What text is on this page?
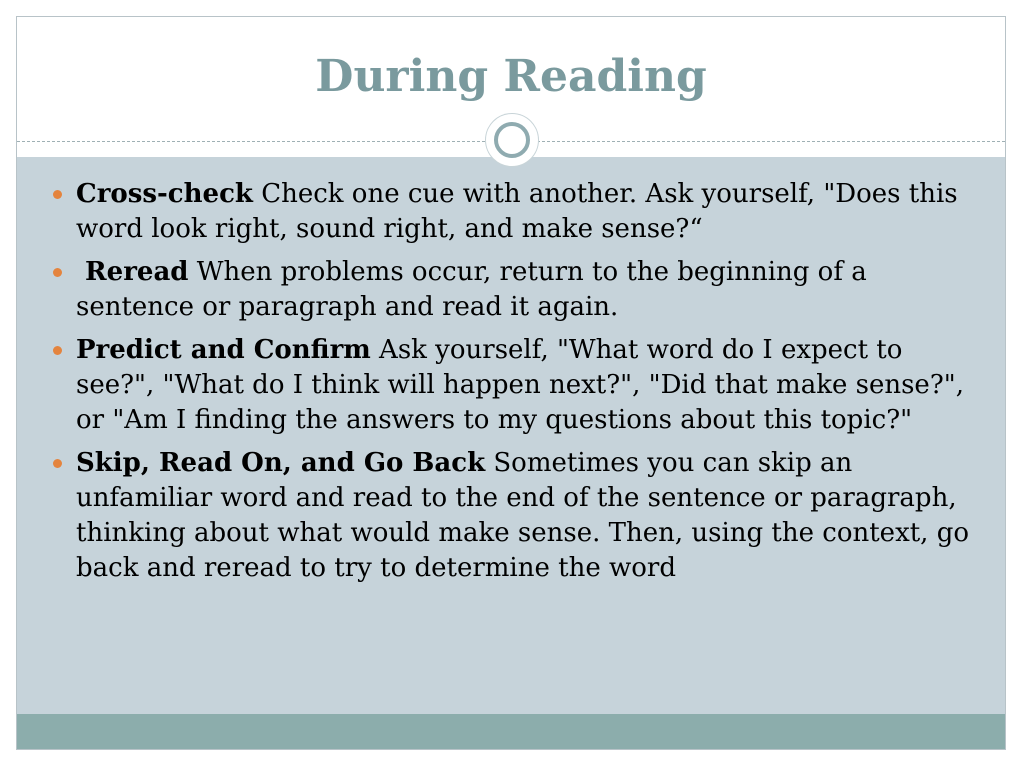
During Reading
Cross-check Check one cue with another. Ask yourself, "Does this word look right, sound right, and make sense?“
Reread When problems occur, return to the beginning of a sentence or paragraph and read it again.
Predict and Confirm Ask yourself, "What word do I expect to see?", "What do I think will happen next?", "Did that make sense?", or "Am I finding the answers to my questions about this topic?"
Skip, Read On, and Go Back Sometimes you can skip an unfamiliar word and read to the end of the sentence or paragraph, thinking about what would make sense. Then, using the context, go back and reread to try to determine the word
